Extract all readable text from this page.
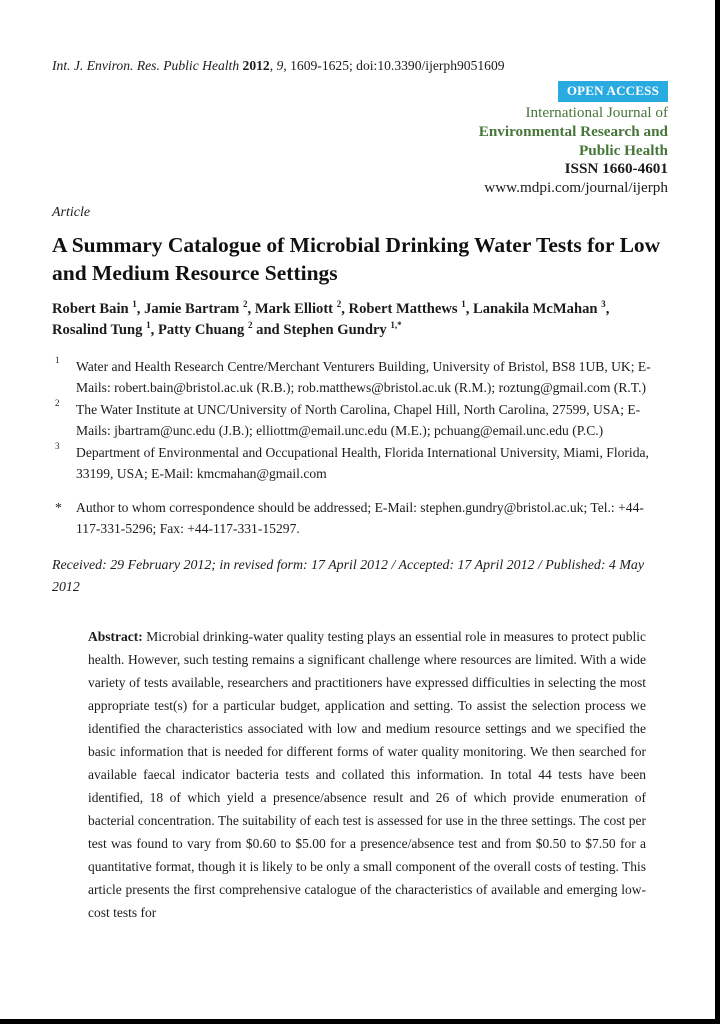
Int. J. Environ. Res. Public Health 2012, 9, 1609-1625; doi:10.3390/ijerph9051609
OPEN ACCESS
International Journal of
Environmental Research and
Public Health
ISSN 1660-4601
www.mdpi.com/journal/ijerph
Article
A Summary Catalogue of Microbial Drinking Water Tests for Low and Medium Resource Settings
Robert Bain $^1$, Jamie Bartram $^2$, Mark Elliott $^2$, Robert Matthews $^1$, Lanakila McMahan $^3$, Rosalind Tung $^1$, Patty Chuang $^2$ and Stephen Gundry $^{1,*}$
1 Water and Health Research Centre/Merchant Venturers Building, University of Bristol, BS8 1UB, UK; E-Mails: robert.bain@bristol.ac.uk (R.B.); rob.matthews@bristol.ac.uk (R.M.); roztung@gmail.com (R.T.)
2 The Water Institute at UNC/University of North Carolina, Chapel Hill, North Carolina, 27599, USA; E-Mails: jbartram@unc.edu (J.B.); elliottm@email.unc.edu (M.E.); pchuang@email.unc.edu (P.C.)
3 Department of Environmental and Occupational Health, Florida International University, Miami, Florida, 33199, USA; E-Mail: kmcmahan@gmail.com
* Author to whom correspondence should be addressed; E-Mail: stephen.gundry@bristol.ac.uk; Tel.: +44-117-331-5296; Fax: +44-117-331-15297.
Received: 29 February 2012; in revised form: 17 April 2012 / Accepted: 17 April 2012 / Published: 4 May 2012
Abstract: Microbial drinking-water quality testing plays an essential role in measures to protect public health. However, such testing remains a significant challenge where resources are limited. With a wide variety of tests available, researchers and practitioners have expressed difficulties in selecting the most appropriate test(s) for a particular budget, application and setting. To assist the selection process we identified the characteristics associated with low and medium resource settings and we specified the basic information that is needed for different forms of water quality monitoring. We then searched for available faecal indicator bacteria tests and collated this information. In total 44 tests have been identified, 18 of which yield a presence/absence result and 26 of which provide enumeration of bacterial concentration. The suitability of each test is assessed for use in the three settings. The cost per test was found to vary from $0.60 to $5.00 for a presence/absence test and from $0.50 to $7.50 for a quantitative format, though it is likely to be only a small component of the overall costs of testing. This article presents the first comprehensive catalogue of the characteristics of available and emerging low-cost tests for
